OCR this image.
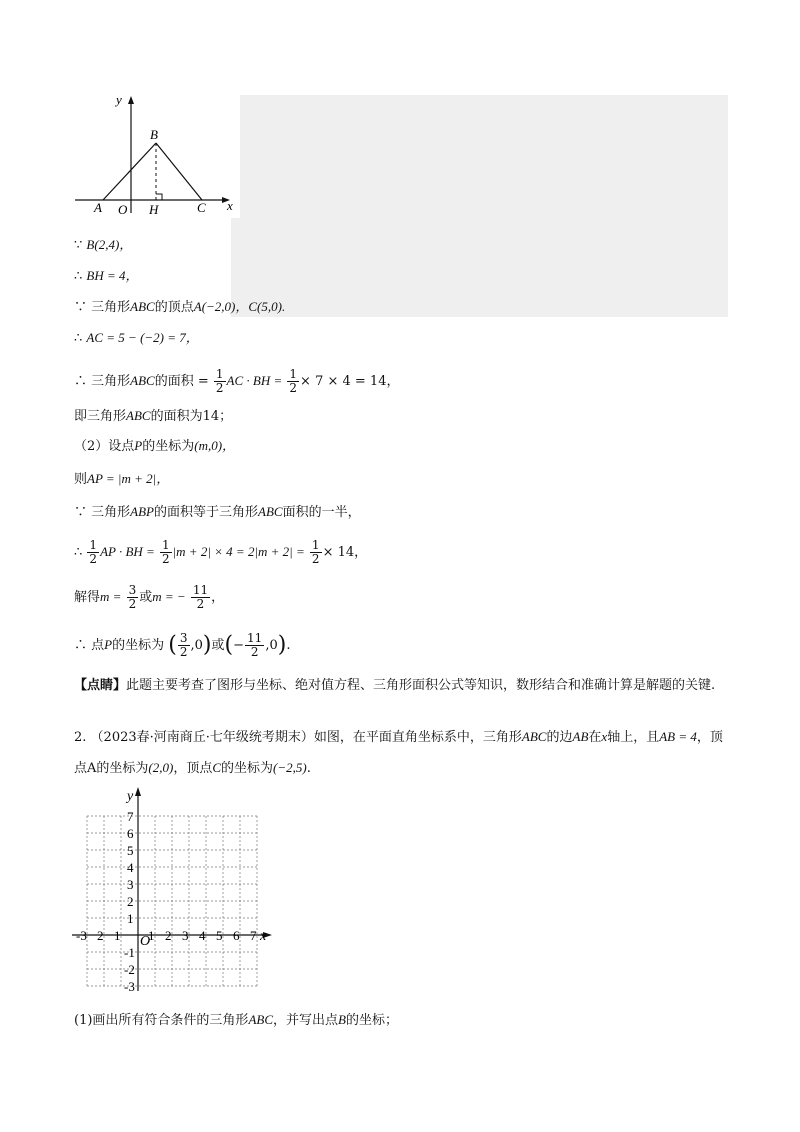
y
x
A O H	C
B
∵ B(2,4)，
∴ BH = 4，
∵ 三角形ABC的顶点A(−2,0)，C(5,0).
∴ AC = 5 − (−2) = 7，
∴ 三角形ABC的面积 = $\frac{1}{2}$ AC · BH = $\frac{1}{2} \times 7 \times 4 = 14$，
即三角形ABC的面积为14；
（2）设点P的坐标为(m,0)，
则AP = |m + 2|，
∵ 三角形ABP的面积等于三角形ABC面积的一半，
∴ $\frac{1}{2}$ AP · BH = $\frac{1}{2} |m + 2| \times 4 = 2|m + 2| = \frac{1}{2} \times 14$，
解得$m = \frac{3}{2}$ 或m = − $\frac{11}{2}$ ，
∴ 点P的坐标为 ( $\frac{3}{2} ,0$)或(− $\frac{11}{2} ,0$).
【点睛】此题主要考查了图形与坐标、绝对值方程、三角形面积公式等知识，数形结合和准确计算是解题的关键.
2. （2023春·河南商丘·七年级统考期末）如图，在平面直角坐标系中，三角形ABC的边AB在x轴上，且AB = 4，顶点A的坐标为(2,0)，顶点C的坐标为(−2,5).
y
x
O
-3 2 1 1 2 3 4 5 6 7
7
6
5
4
3
2
1
-1
-2
-3
(1)画出所有符合条件的三角形ABC，并写出点B的坐标；
